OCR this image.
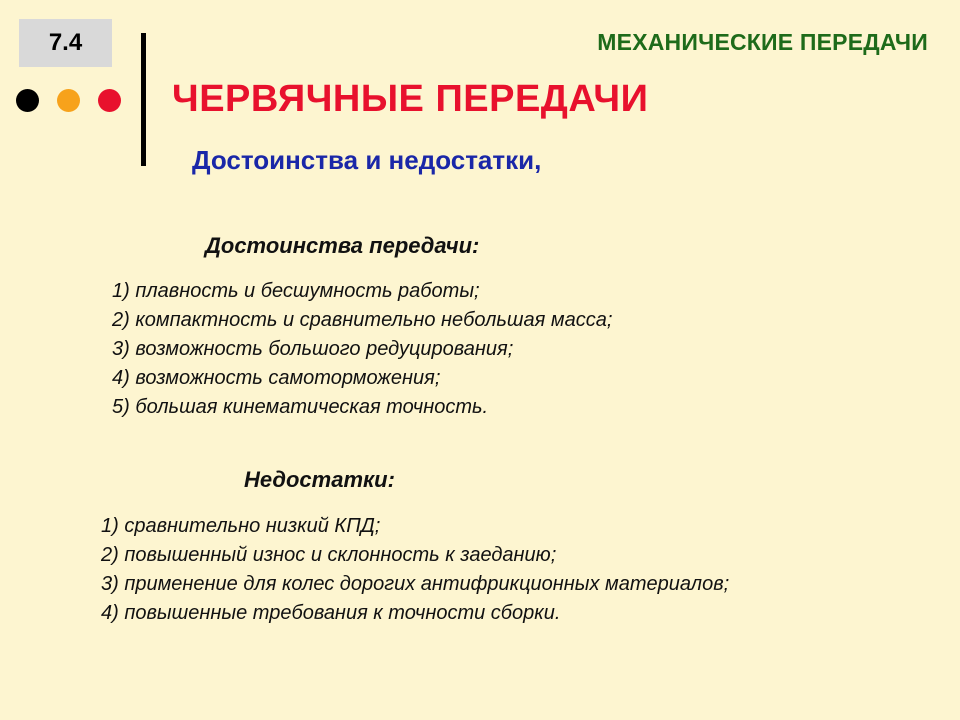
7.4	МЕХАНИЧЕСКИЕ ПЕРЕДАЧИ
ЧЕРВЯЧНЫЕ ПЕРЕДАЧИ
Достоинства и недостатки,
Достоинства передачи:
1) плавность и бесшумность работы;
2) компактность и сравнительно небольшая масса;
3) возможность большого редуцирования;
4) возможность самоторможения;
5) большая кинематическая точность.
Недостатки:
1) сравнительно низкий КПД;
2) повышенный износ и склонность к заеданию;
3) применение для колес дорогих антифрикционных материалов;
4) повышенные требования к точности сборки.
